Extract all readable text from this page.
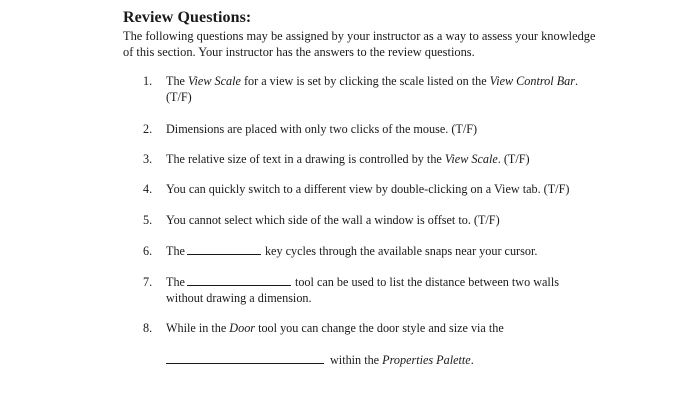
Review Questions:
The following questions may be assigned by your instructor as a way to assess your knowledge of this section. Your instructor has the answers to the review questions.
1.	The View Scale for a view is set by clicking the scale listed on the View Control Bar.
(T/F)
2.	Dimensions are placed with only two clicks of the mouse. (T/F)
3.	The relative size of text in a drawing is controlled by the View Scale. (T/F)
4.	You can quickly switch to a different view by double-clicking on a View tab. (T/F)
5.	You cannot select which side of the wall a window is offset to. (T/F)
6.	The	key cycles through the available snaps near your cursor.
7.	The	tool can be used to list the distance between two walls
without drawing a dimension.
8.	While in the Door tool you can change the door style and size via the
within the Properties Palette.
